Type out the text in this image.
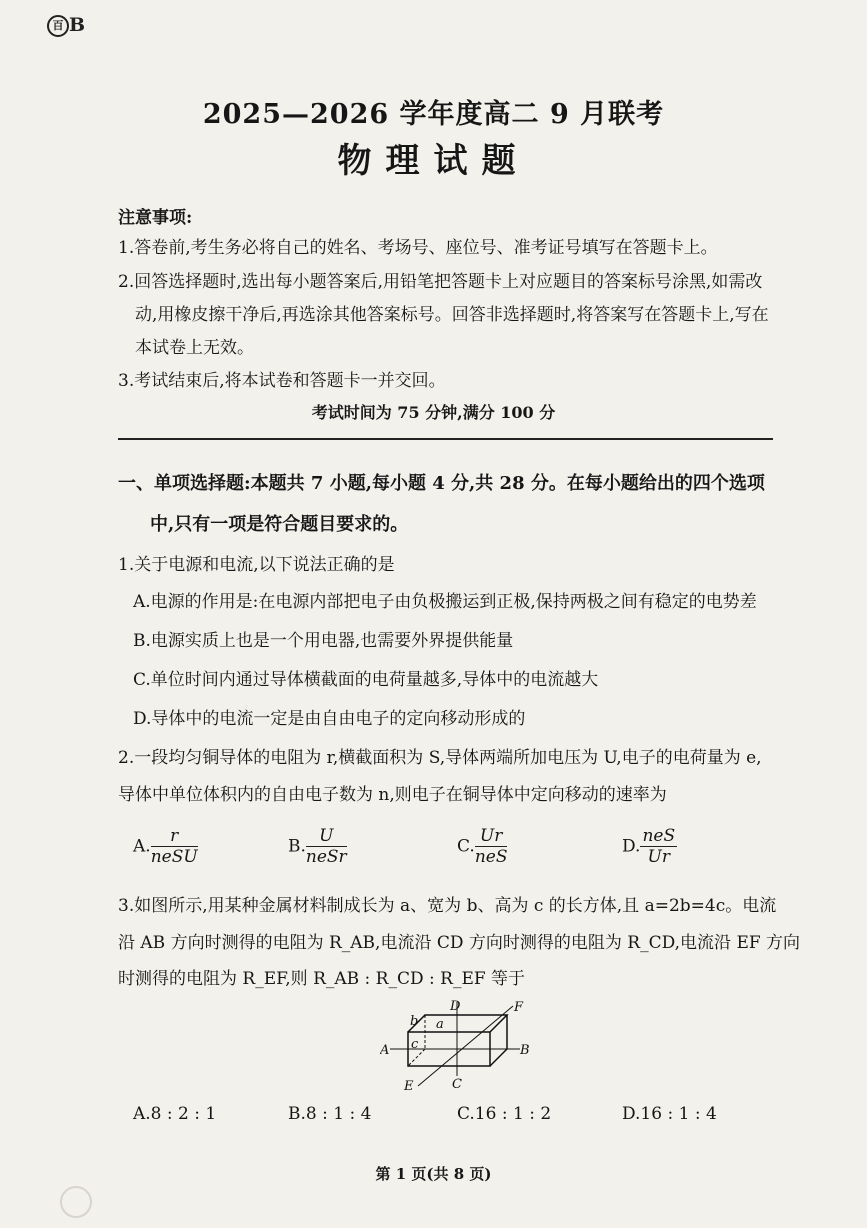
百 B
2025—2026 学年度高二 9 月联考
物理试题
注意事项:
1.答卷前,考生务必将自己的姓名、考场号、座位号、准考证号填写在答题卡上。
2.回答选择题时,选出每小题答案后,用铅笔把答题卡上对应题目的答案标号涂黑,如需改
动,用橡皮擦干净后,再选涂其他答案标号。回答非选择题时,将答案写在答题卡上,写在
本试卷上无效。
3.考试结束后,将本试卷和答题卡一并交回。
考试时间为 75 分钟,满分 100 分
一、单项选择题:本题共 7 小题,每小题 4 分,共 28 分。在每小题给出的四个选项
中,只有一项是符合题目要求的。
1.关于电源和电流,以下说法正确的是
A.电源的作用是:在电源内部把电子由负极搬运到正极,保持两极之间有稳定的电势差
B.电源实质上也是一个用电器,也需要外界提供能量
C.单位时间内通过导体横截面的电荷量越多,导体中的电流越大
D.导体中的电流一定是由自由电子的定向移动形成的
2.一段均匀铜导体的电阻为 r,横截面积为 S,导体两端所加电压为 U,电子的电荷量为 e,
导体中单位体积内的自由电子数为 n,则电子在铜导体中定向移动的速率为
A. $\frac{r}{\text{neSU}}$	B. $\frac{U}{\text{neSr}}$	C. $\frac{Ur}{\text{neS}}$	D. $\frac{\text{neS}}{Ur}$
3.如图所示,用某种金属材料制成长为 a、宽为 b、高为 c 的长方体,且 a=2b=4c。电流
沿 AB 方向时测得的电阻为 R_AB,电流沿 CD 方向时测得的电阻为 R_CD,电流沿 EF 方向
时测得的电阻为 R_EF,则 R_AB : R_CD : R_EF 等于
A	B
C
D
E
F
a
b
c
A.8 : 2 : 1	B.8 : 1 : 4	C.16 : 1 : 2	D.16 : 1 : 4
第 1 页(共 8 页)
